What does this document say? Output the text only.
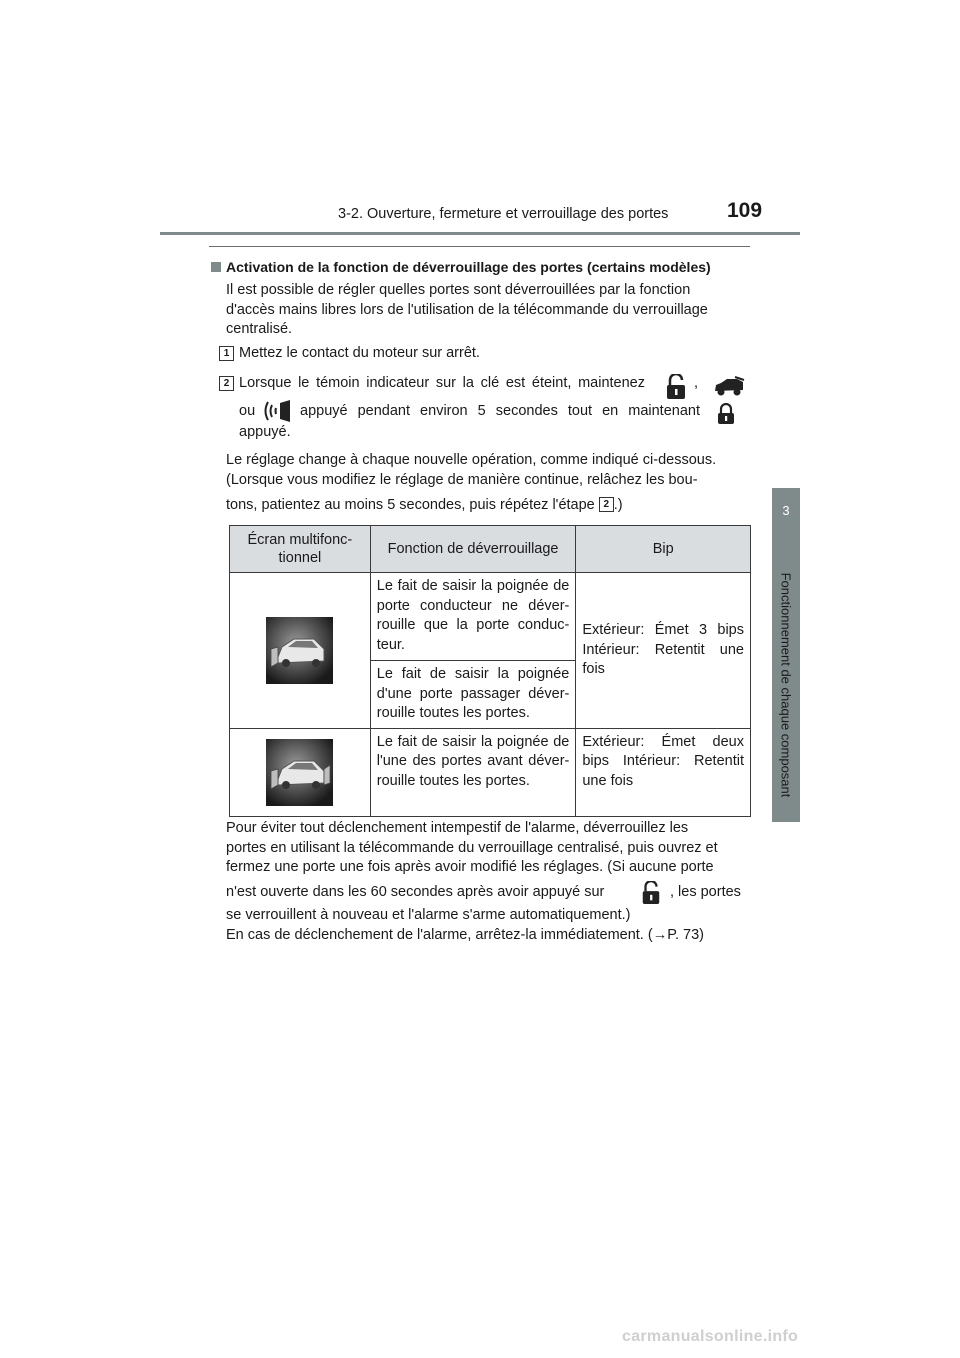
3-2. Ouverture, fermeture et verrouillage des portes	109
3
Fonctionnement de chaque composant
Activation de la fonction de déverrouillage des portes (certains modèles)
Il est possible de régler quelles portes sont déverrouillées par la fonction
d'accès mains libres lors de l'utilisation de la télécommande du verrouillage
centralisé.
1 Mettez le contact du moteur sur arrêt.
2 Lorsque le témoin indicateur sur la clé est éteint, maintenez	,
ou	appuyé pendant environ 5 secondes tout en maintenant
appuyé.
Le réglage change à chaque nouvelle opération, comme indiqué ci-dessous.
(Lorsque vous modifiez le réglage de manière continue, relâchez les bou-
tons, patientez au moins 5 secondes, puis répétez l'étape 2 .)
Écran multifonc-
tionnel	Fonction de déverrouillage	Bip

	Le fait de saisir la poignée de porte conducteur ne déver-rouille que la porte conduc-teur.	Extérieur: Émet 3 bips Intérieur: Retentit une fois
	Le fait de saisir la poignée d'une porte passager déver-rouille toutes les portes.	

	Le fait de saisir la poignée de l'une des portes avant déver-rouille toutes les portes.	Extérieur: Émet deux bips Intérieur: Retentit une fois
Pour éviter tout déclenchement intempestif de l'alarme, déverrouillez les
portes en utilisant la télécommande du verrouillage centralisé, puis ouvrez et
fermez une porte une fois après avoir modifié les réglages. (Si aucune porte
n'est ouverte dans les 60 secondes après avoir appuyé sur	, les portes
se verrouillent à nouveau et l'alarme s'arme automatiquement.)
En cas de déclenchement de l'alarme, arrêtez-la immédiatement. (→P. 73)
carmanualsonline.info
